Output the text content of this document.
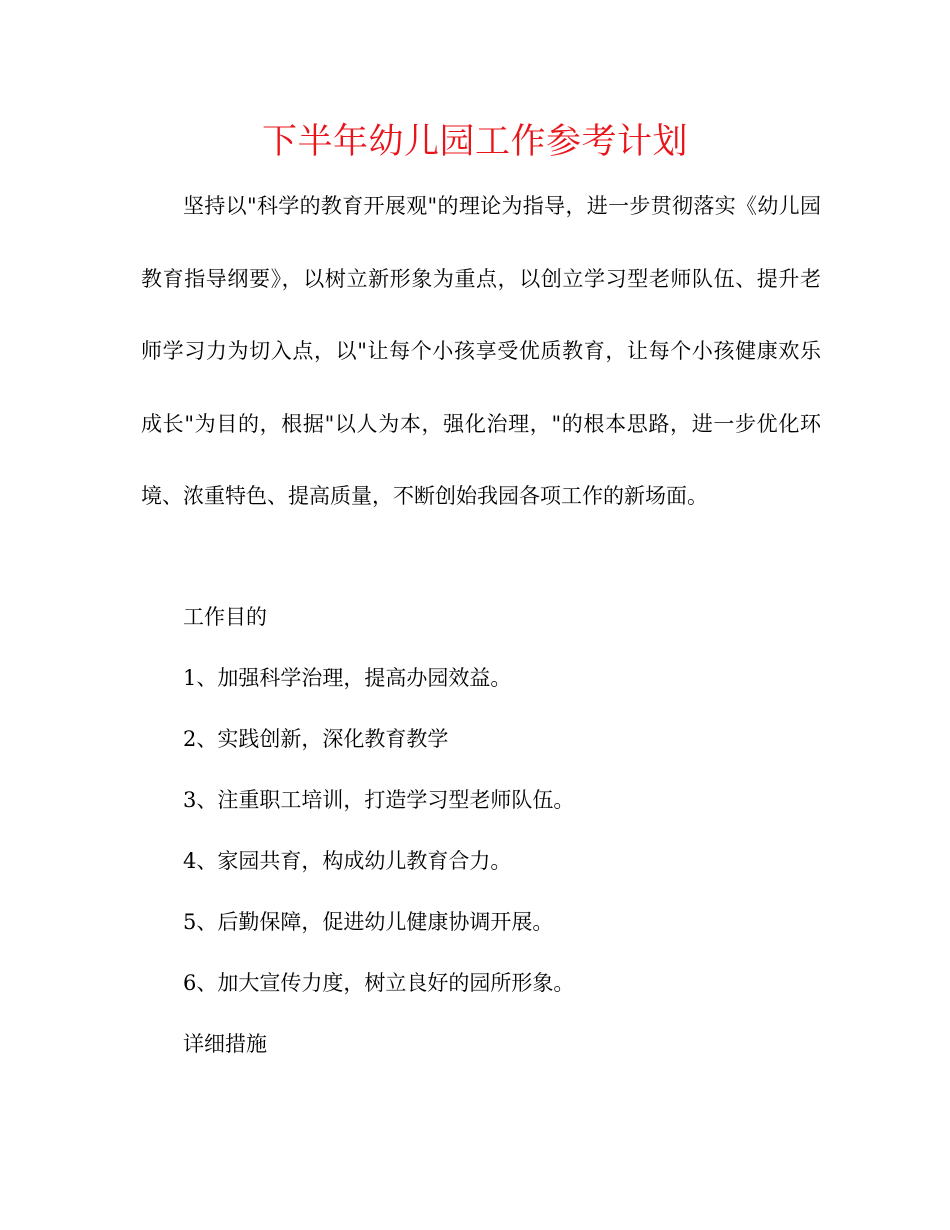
下半年幼儿园工作参考计划

坚持以"科学的教育开展观"的理论为指导，进一步贯彻落实《幼儿园教育指导纲要》，以树立新形象为重点，以创立学习型老师队伍、提升老师学习力为切入点，以"让每个小孩享受优质教育，让每个小孩健康欢乐成长"为目的，根据"以人为本，强化治理，"的根本思路，进一步优化环境、浓重特色、提高质量，不断创始我园各项工作的新场面。

工作目的
1、加强科学治理，提高办园效益。
2、实践创新，深化教育教学
3、注重职工培训，打造学习型老师队伍。
4、家园共育，构成幼儿教育合力。
5、后勤保障，促进幼儿健康协调开展。
6、加大宣传力度，树立良好的园所形象。
详细措施
